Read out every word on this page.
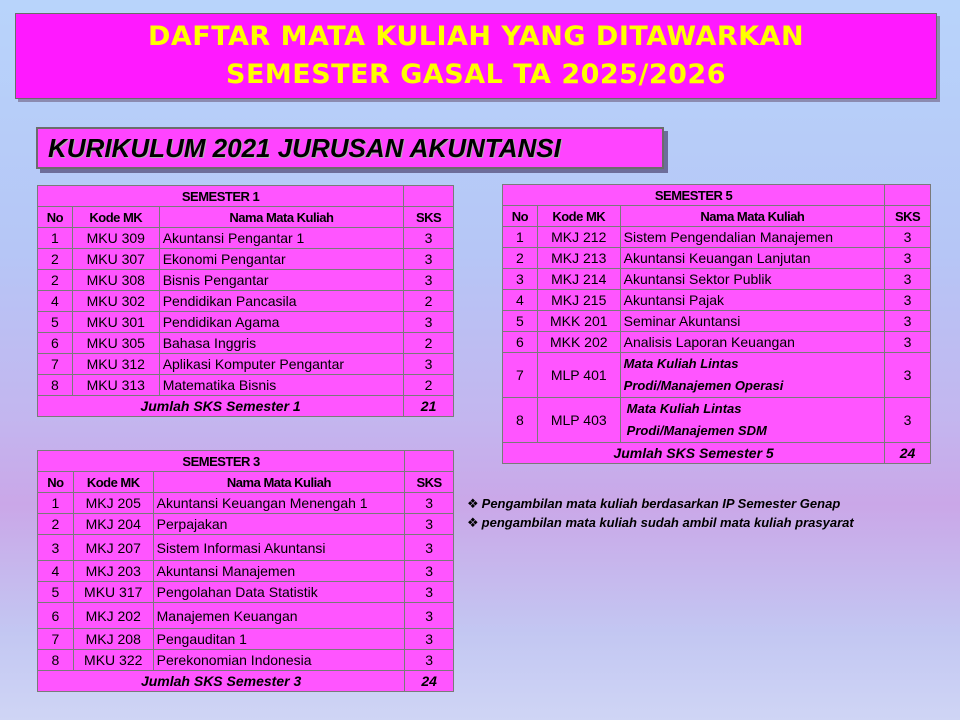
DAFTAR MATA KULIAH YANG DITAWARKAN
SEMESTER GASAL TA 2025/2026
KURIKULUM 2021 JURUSAN AKUNTANSI
SEMESTER 1			
No	Kode MK	Nama Mata Kuliah	SKS
1	MKU 309	Akuntansi Pengantar 1	3
2	MKU 307	Ekonomi Pengantar	3
2	MKU 308	Bisnis Pengantar	3
4	MKU 302	Pendidikan Pancasila	2
5	MKU 301	Pendidikan Agama	3
6	MKU 305	Bahasa Inggris	2
7	MKU 312	Aplikasi Komputer Pengantar	3
8	MKU 313	Matematika Bisnis	2
Jumlah SKS Semester 1			21
SEMESTER 3			
No	Kode MK	Nama Mata Kuliah	SKS
1	MKJ 205	Akuntansi Keuangan Menengah 1	3
2	MKJ 204	Perpajakan	3
3	MKJ 207	Sistem Informasi Akuntansi	3
4	MKJ 203	Akuntansi Manajemen	3
5	MKU 317	Pengolahan Data Statistik	3
6	MKJ 202	Manajemen Keuangan	3
7	MKJ 208	Pengauditan 1	3
8	MKU 322	Perekonomian Indonesia	3
Jumlah SKS Semester 3			24
SEMESTER 5			
No	Kode MK	Nama Mata Kuliah	SKS
1	MKJ 212	Sistem Pengendalian Manajemen	3
2	MKJ 213	Akuntansi Keuangan Lanjutan	3
3	MKJ 214	Akuntansi Sektor Publik	3
4	MKJ 215	Akuntansi Pajak	3
5	MKK 201	Seminar Akuntansi	3
6	MKK 202	Analisis Laporan Keuangan	3
7	MLP 401	Mata Kuliah Lintas
Prodi/Manajemen Operasi	3
8	MLP 403	Mata Kuliah Lintas
Prodi/Manajemen SDM	3
Jumlah SKS Semester 5			24
❖ Pengambilan mata kuliah berdasarkan IP Semester Genap
❖ pengambilan mata kuliah sudah ambil mata kuliah prasyarat
